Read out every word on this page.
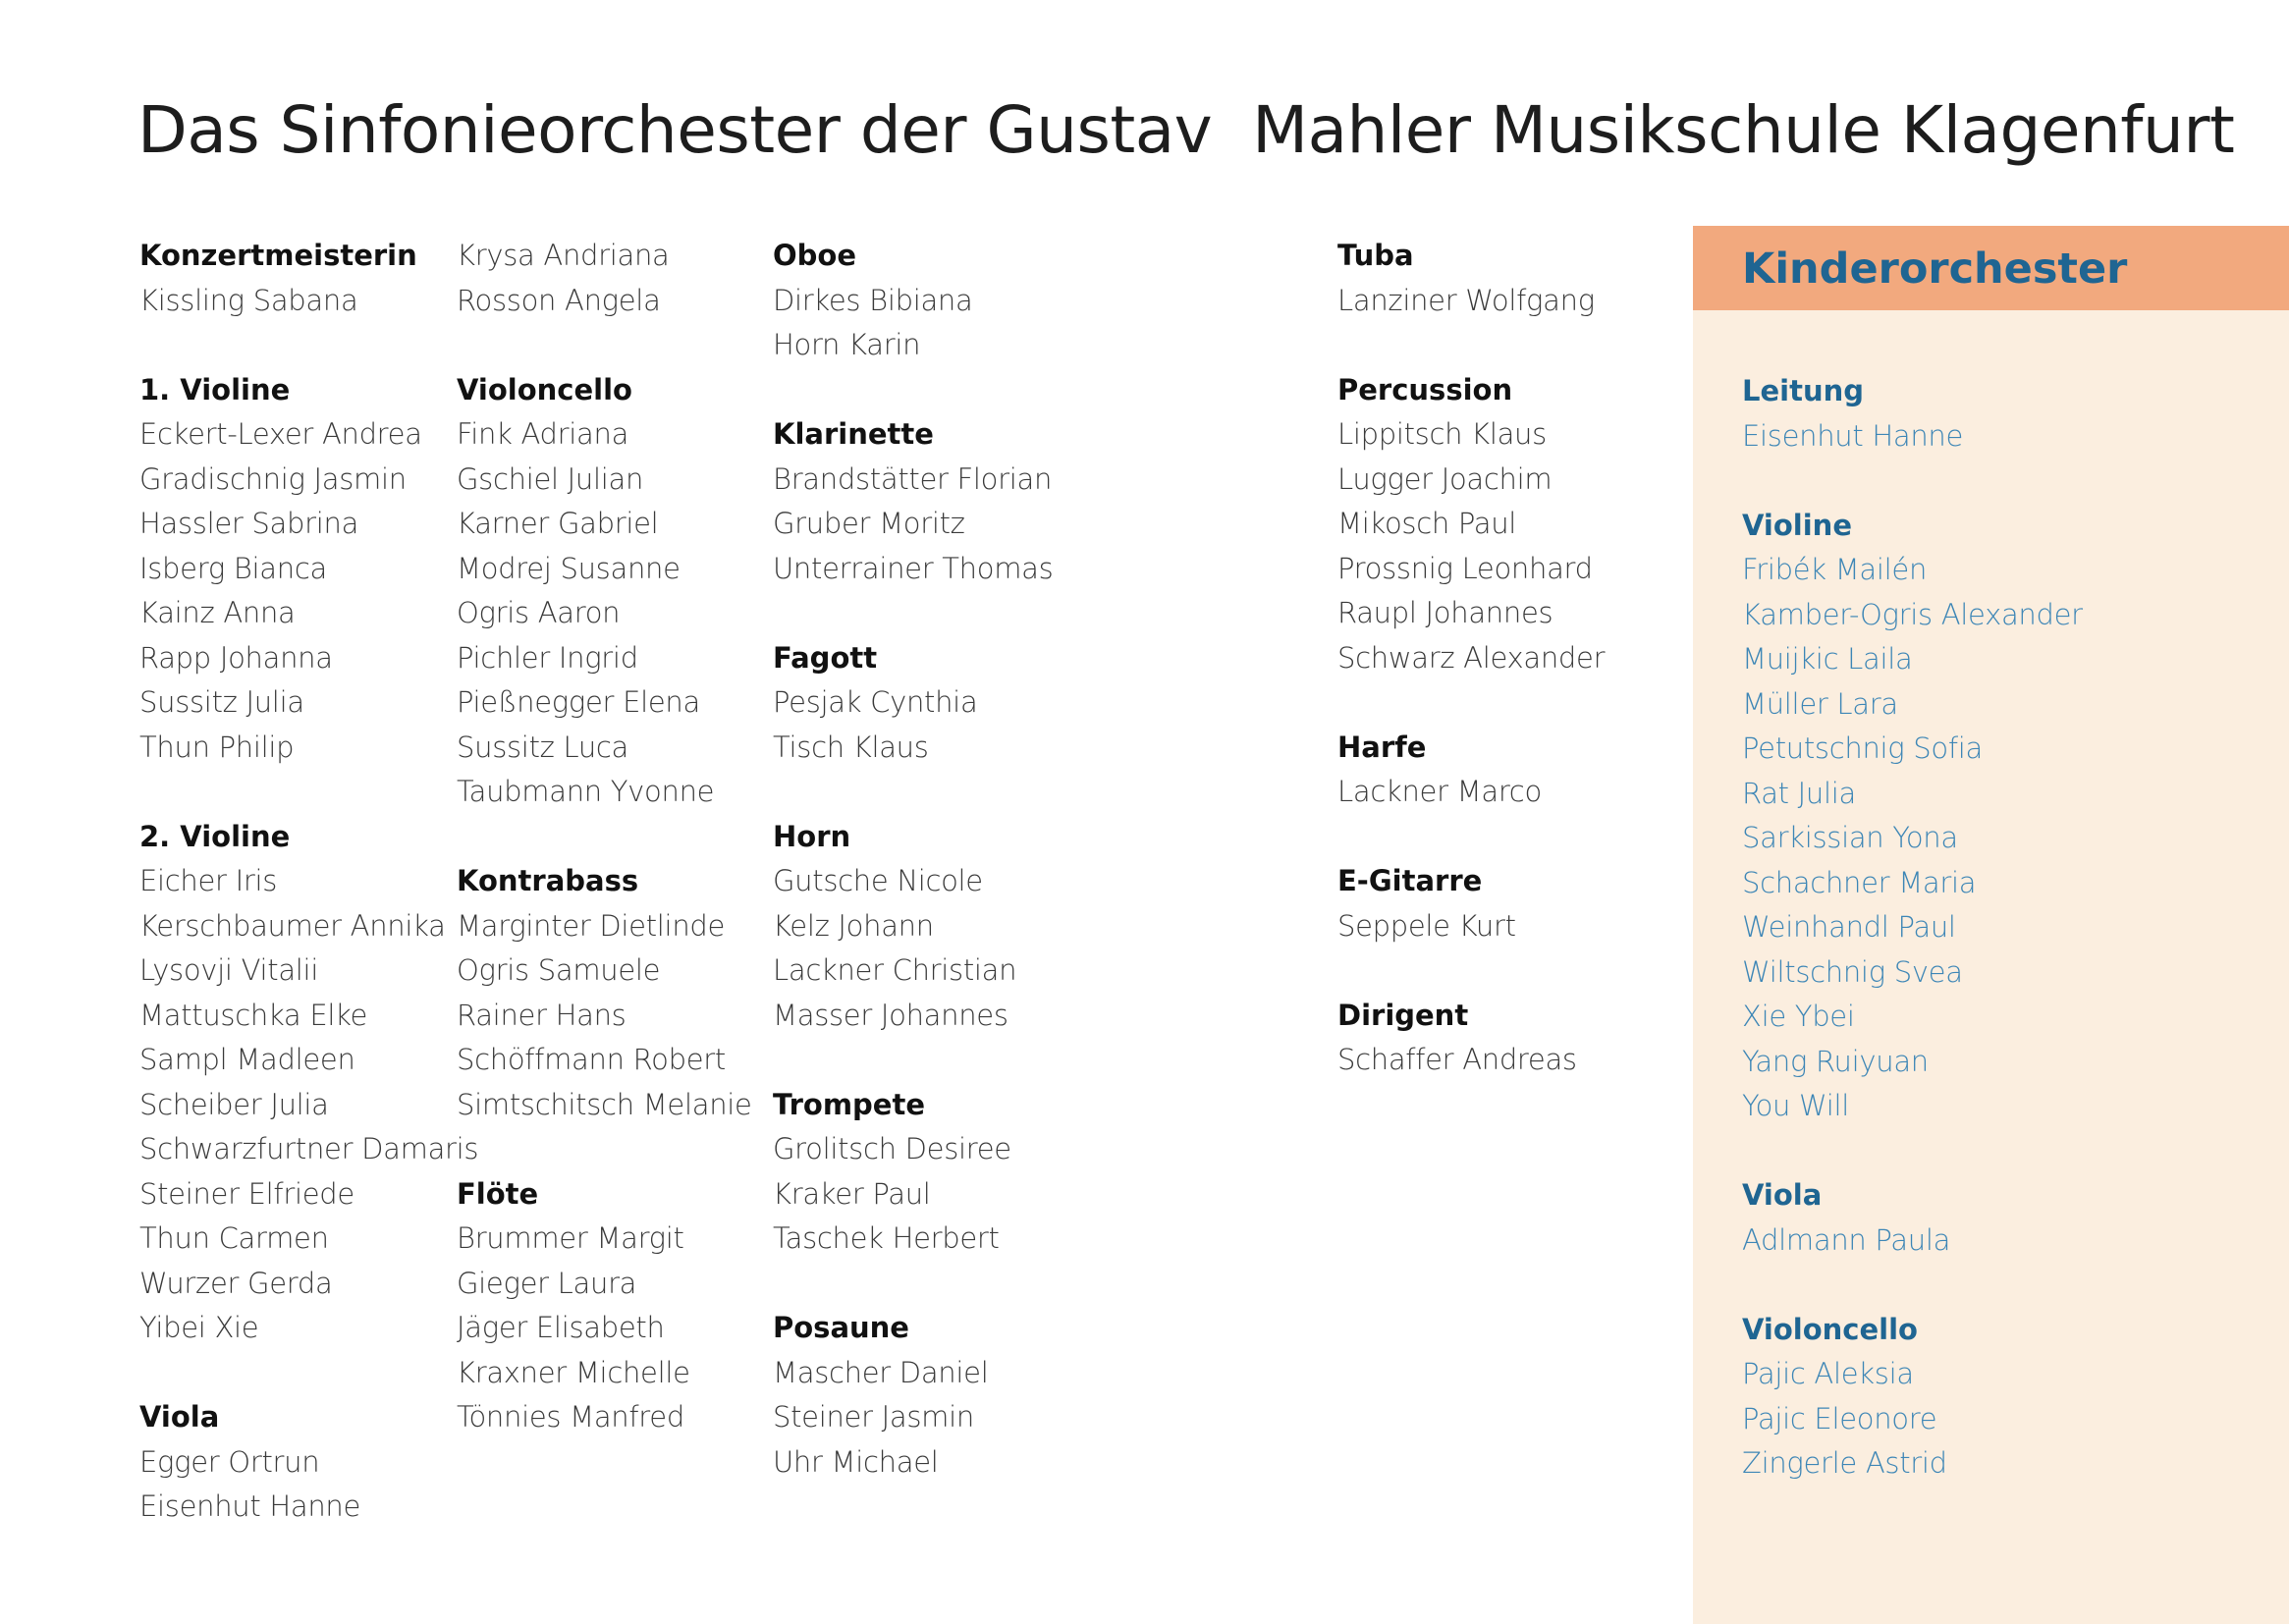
Das Sinfonieorchester der Gustav  Mahler Musikschule Klagenfurt
Konzertmeisterin
Kissling Sabana
1. Violine
Eckert-Lexer Andrea
Gradischnig Jasmin
Hassler Sabrina
Isberg Bianca
Kainz Anna
Rapp Johanna
Sussitz Julia
Thun Philip
2. Violine
Eicher Iris
Kerschbaumer Annika
Lysovji Vitalii
Mattuschka Elke
Sampl Madleen
Scheiber Julia
Schwarzfurtner Damaris
Steiner Elfriede
Thun Carmen
Wurzer Gerda
Yibei Xie
Viola
Egger Ortrun
Eisenhut Hanne
Krysa Andriana
Rosson Angela
Violoncello
Fink Adriana
Gschiel Julian
Karner Gabriel
Modrej Susanne
Ogris Aaron
Pichler Ingrid
Pießnegger Elena
Sussitz Luca
Taubmann Yvonne
Kontrabass
Marginter Dietlinde
Ogris Samuele
Rainer Hans
Schöffmann Robert
Simtschitsch Melanie
Flöte
Brummer Margit
Gieger Laura
Jäger Elisabeth
Kraxner Michelle
Tönnies Manfred
Oboe
Dirkes Bibiana
Horn Karin
Klarinette
Brandstätter Florian
Gruber Moritz
Unterrainer Thomas
Fagott
Pesjak Cynthia
Tisch Klaus
Horn
Gutsche Nicole
Kelz Johann
Lackner Christian
Masser Johannes
Trompete
Grolitsch Desiree
Kraker Paul
Taschek Herbert
Posaune
Mascher Daniel
Steiner Jasmin
Uhr Michael
Tuba
Lanziner Wolfgang
Percussion
Lippitsch Klaus
Lugger Joachim
Mikosch Paul
Prossnig Leonhard
Raupl Johannes
Schwarz Alexander
Harfe
Lackner Marco
E-Gitarre
Seppele Kurt
Dirigent
Schaffer Andreas
Kinderorchester
Leitung
Eisenhut Hanne
Violine
Fribék Mailén
Kamber-Ogris Alexander
Muijkic Laila
Müller Lara
Petutschnig Sofia
Rat Julia
Sarkissian Yona
Schachner Maria
Weinhandl Paul
Wiltschnig Svea
Xie Ybei
Yang Ruiyuan
You Will
Viola
Adlmann Paula
Violoncello
Pajic Aleksia
Pajic Eleonore
Zingerle Astrid
